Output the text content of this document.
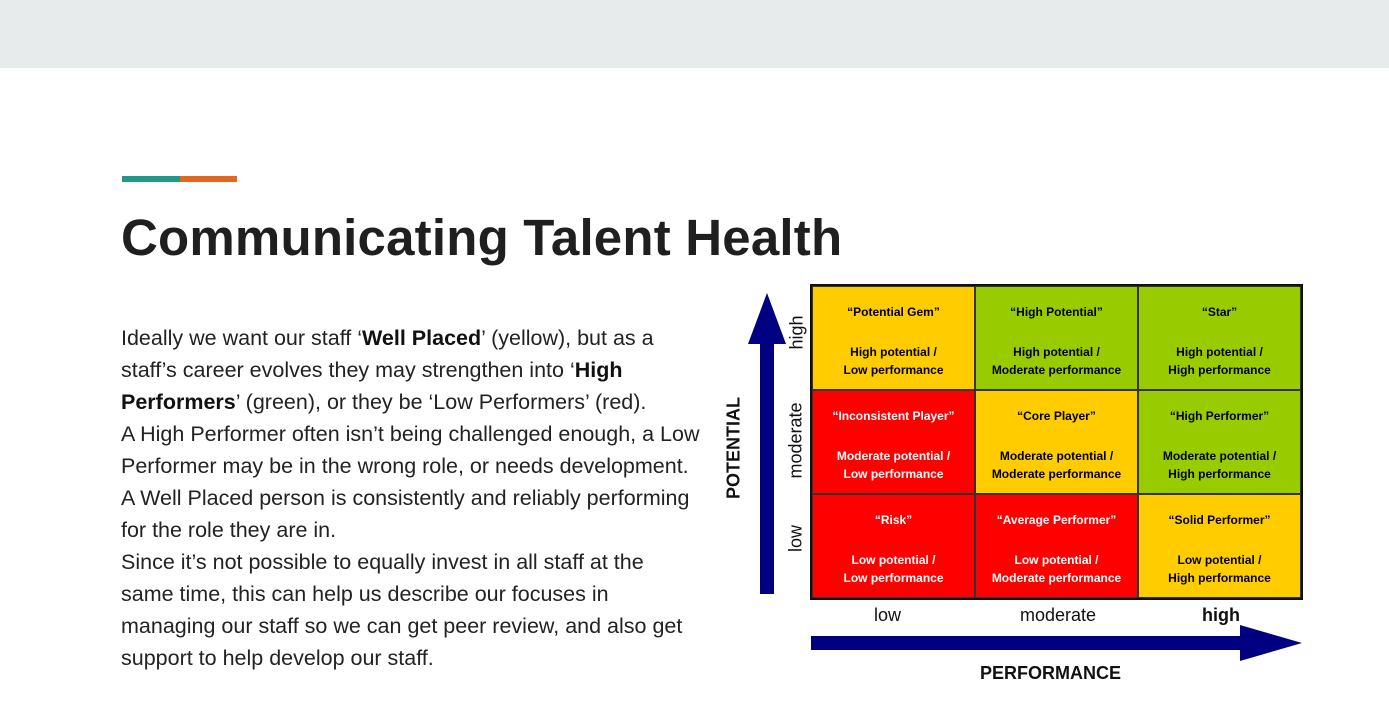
Communicating Talent Health

Ideally we want our staff ‘Well Placed’ (yellow), but as a staff’s career evolves they may strengthen into ‘High Performers’ (green), or they be ‘Low Performers’ (red).

A High Performer often isn’t being challenged enough, a Low Performer may be in the wrong role, or needs development. A Well Placed person is consistently and reliably performing for the role they are in.

Since it’s not possible to equally invest in all staff at the same time, this can help us describe our focuses in managing our staff so we can get peer review, and also get support to help develop our staff.

POTENTIAL
high
moderate
low
“Potential Gem”
High potential /
Low performance
“High Potential”
High potential /
Moderate performance
“Star”
High potential /
High performance
“Inconsistent Player”
Moderate potential /
Low performance
“Core Player”
Moderate potential /
Moderate performance
“High Performer”
Moderate potential /
High performance
“Risk”
Low potential /
Low performance
“Average Performer”
Low potential /
Moderate performance
“Solid Performer”
Low potential /
High performance
low	moderate	high
PERFORMANCE
